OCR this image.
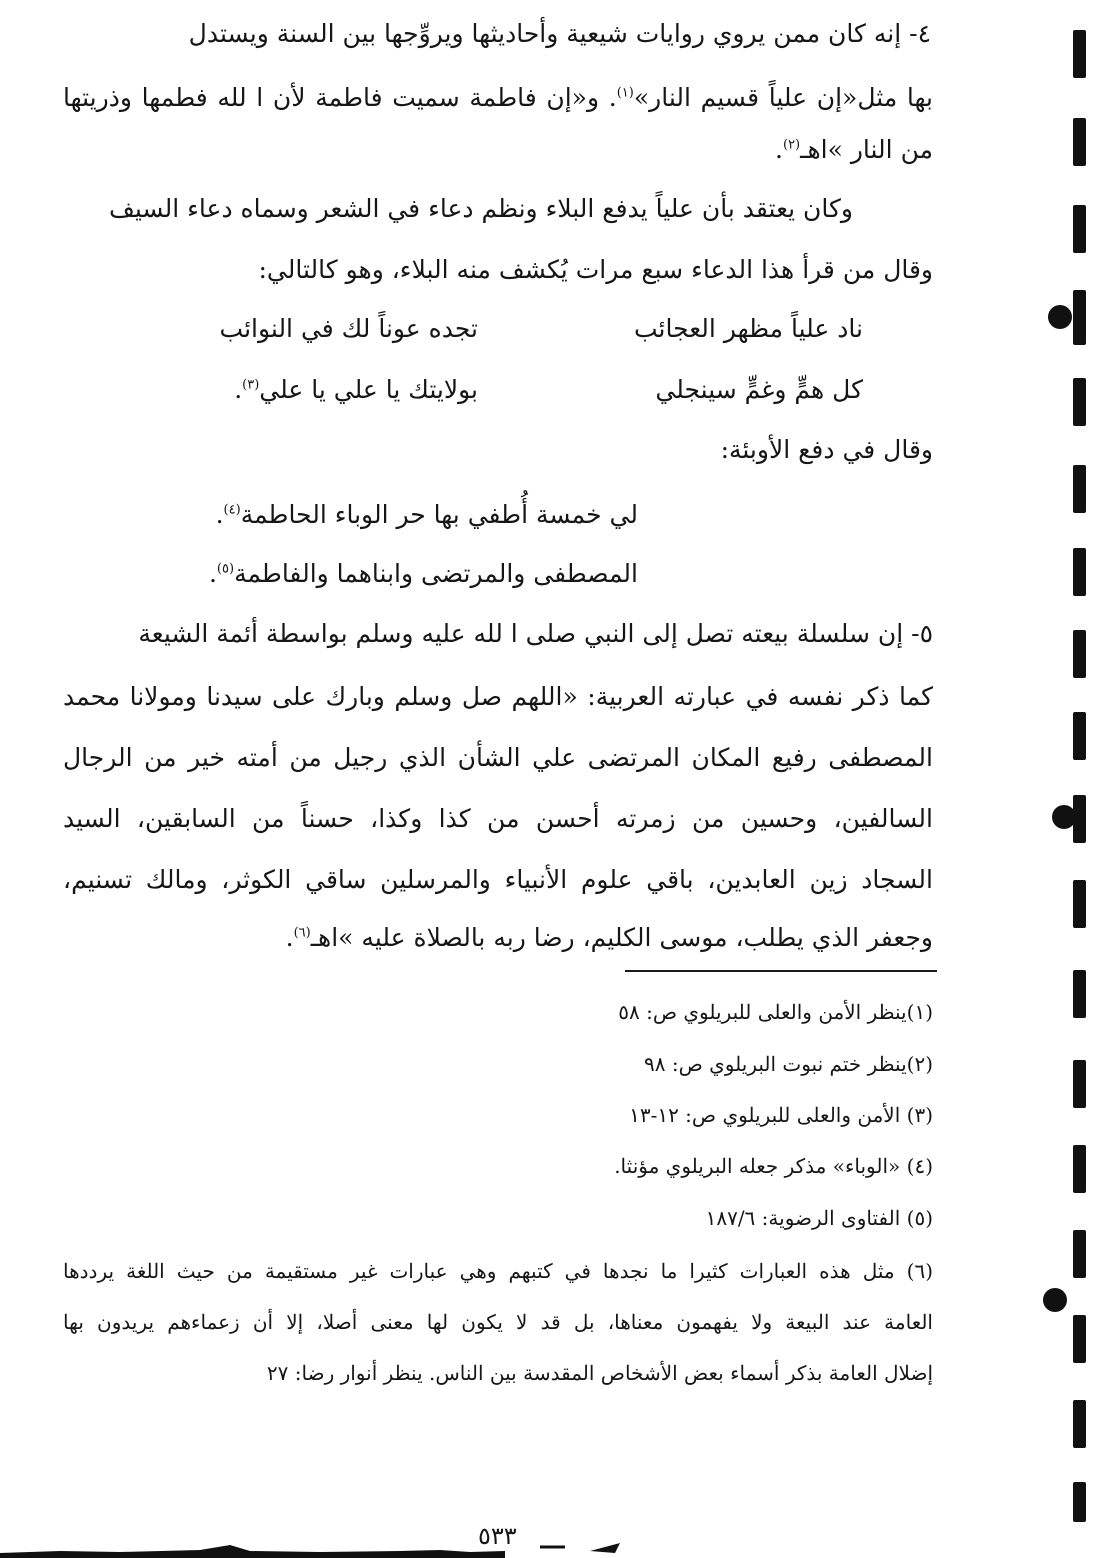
٤- إنه كان ممن يروي روايات شيعية وأحاديثها ويروِّجها بين السنة ويستدل
بها مثل«إن علياً قسيم النار»$^{(١)}$. و«إن فاطمة سميت فاطمة لأن ا لله فطمها وذريتها
من النار »اهـ$^{(٢)}$.
وكان يعتقد بأن علياً يدفع البلاء ونظم دعاء في الشعر وسماه دعاء السيف
وقال من قرأ هذا الدعاء سبع مرات يُكشف منه البلاء، وهو كالتالي:
ناد علياً مظهر العجائب
تجده عوناً لك في النوائب
كل همٍّ وغمٍّ سينجلي
بولايتك يا علي يا علي$^{(٣)}$.
وقال في دفع الأوبئة:
لي خمسة أُطفي بها حر الوباء الحاطمة$^{(٤)}$.
المصطفى والمرتضى وابناهما والفاطمة$^{(٥)}$.
٥- إن سلسلة بيعته تصل إلى النبي صلى ا لله عليه وسلم بواسطة أئمة الشيعة
كما ذكر نفسه في عبارته العربية: «اللهم صل وسلم وبارك على سيدنا ومولانا محمد
المصطفى رفيع المكان المرتضى علي الشأن الذي رجيل من أمته خير من الرجال
السالفين، وحسين من زمرته أحسن من كذا وكذا، حسناً من السابقين، السيد
السجاد زين العابدين، باقي علوم الأنبياء والمرسلين ساقي الكوثر، ومالك تسنيم،
وجعفر الذي يطلب، موسى الكليم، رضا ربه بالصلاة عليه »اهـ$^{(٦)}$.
(١)ينظر الأمن والعلى للبريلوي ص: ٥٨
(٢)ينظر ختم نبوت البريلوي ص: ٩٨
(٣) الأمن والعلى للبريلوي ص: ١٢-١٣
(٤) «الوباء» مذكر جعله البريلوي مؤنثا.
(٥) الفتاوى الرضوية: ١٨٧/٦
(٦) مثل هذه العبارات كثيرا ما نجدها في كتبهم وهي عبارات غير مستقيمة من حيث اللغة يرددها
العامة عند البيعة ولا يفهمون معناها، بل قد لا يكون لها معنى أصلا، إلا أن زعماءهم يريدون بها
إضلال العامة بذكر أسماء بعض الأشخاص المقدسة بين الناس. ينظر أنوار رضا: ٢٧
٥٣٣
